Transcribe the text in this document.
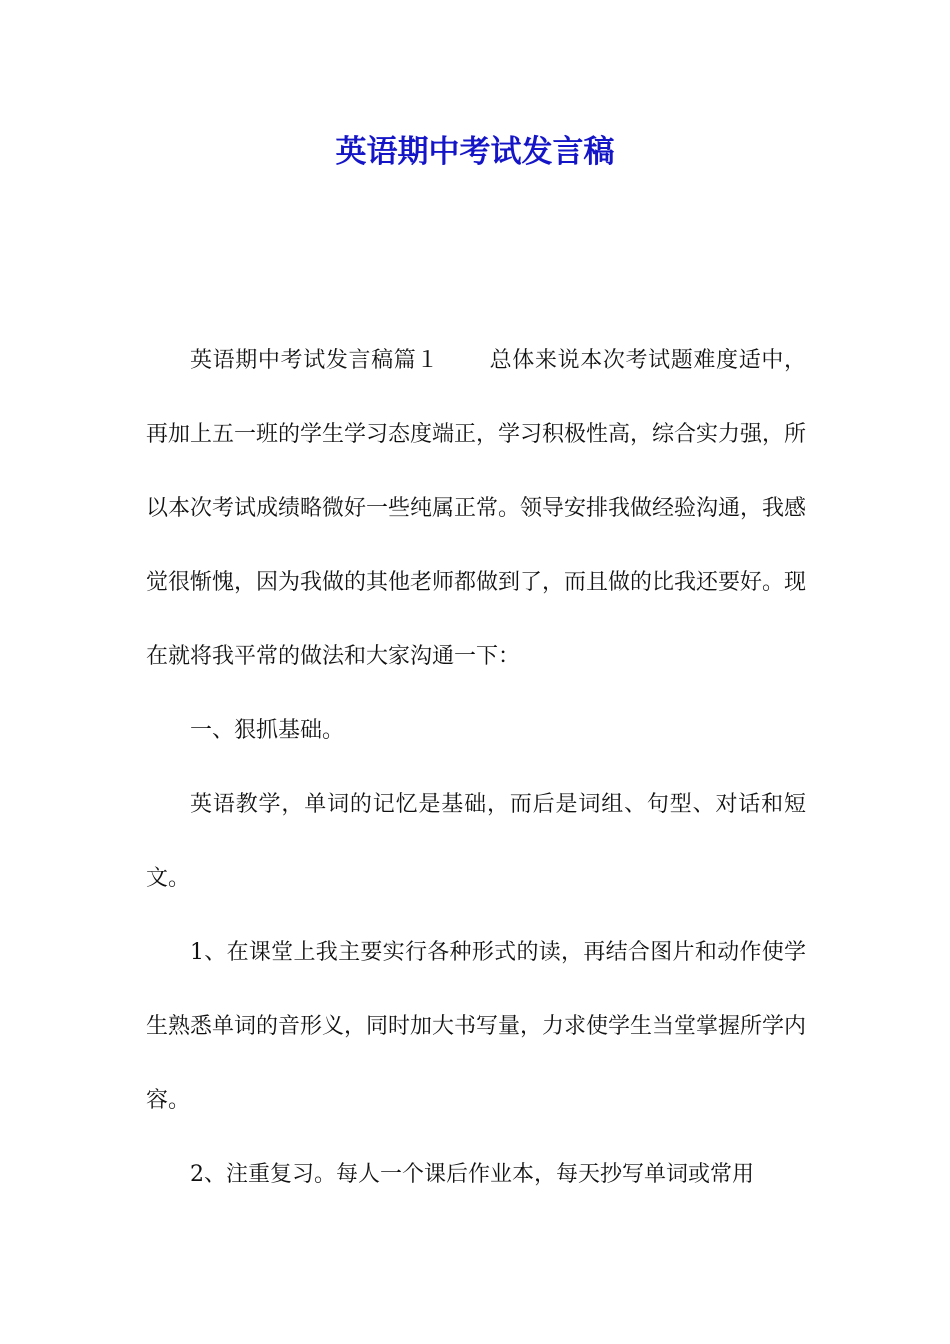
英语期中考试发言稿

英语期中考试发言稿篇１ 总体来说本次考试题难度适中，再加上五一班的学生学习态度端正，学习积极性高，综合实力强，所以本次考试成绩略微好一些纯属正常。领导安排我做经验沟通，我感觉很惭愧，因为我做的其他老师都做到了，而且做的比我还要好。现在就将我平常的做法和大家沟通一下：

一、狠抓基础。

英语教学，单词的记忆是基础，而后是词组、句型、对话和短文。

1、在课堂上我主要实行各种形式的读，再结合图片和动作使学生熟悉单词的音形义，同时加大书写量，力求使学生当堂掌握所学内容。

2、注重复习。每人一个课后作业本，每天抄写单词或常用
